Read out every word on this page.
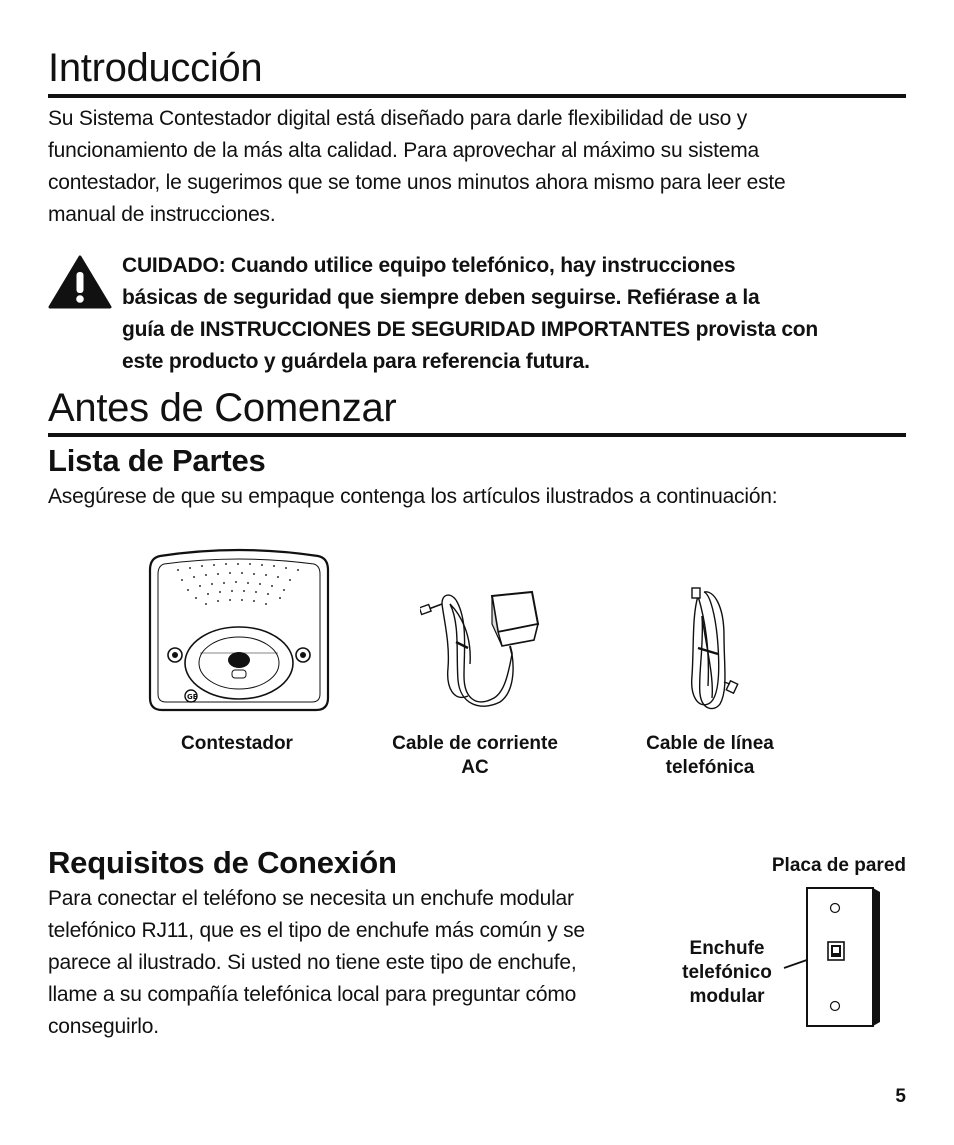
Introducción
Su Sistema Contestador digital está diseñado para darle flexibilidad de uso y
funcionamiento de la más alta calidad. Para aprovechar al máximo su sistema
contestador, le sugerimos que se tome unos minutos ahora mismo para leer este
manual de instrucciones.
CUIDADO: Cuando utilice equipo telefónico, hay instrucciones
básicas de seguridad que siempre deben seguirse. Refiérase a la
guía de INSTRUCCIONES DE SEGURIDAD IMPORTANTES provista con
este producto y guárdela para referencia futura.
Antes de Comenzar
Lista de Partes
Asegúrese de que su empaque contenga los artículos ilustrados a continuación:
GE
Contestador	Cable de corriente
AC
Cable de línea
telefónica
Requisitos de Conexión
Para conectar el teléfono se necesita un enchufe modular
telefónico RJ11, que es el tipo de enchufe más común y se
parece al ilustrado. Si usted no tiene este tipo de enchufe,
llame a su compañía telefónica local para preguntar cómo
conseguirlo.
Placa de pared
Enchufe
telefónico
modular
5
